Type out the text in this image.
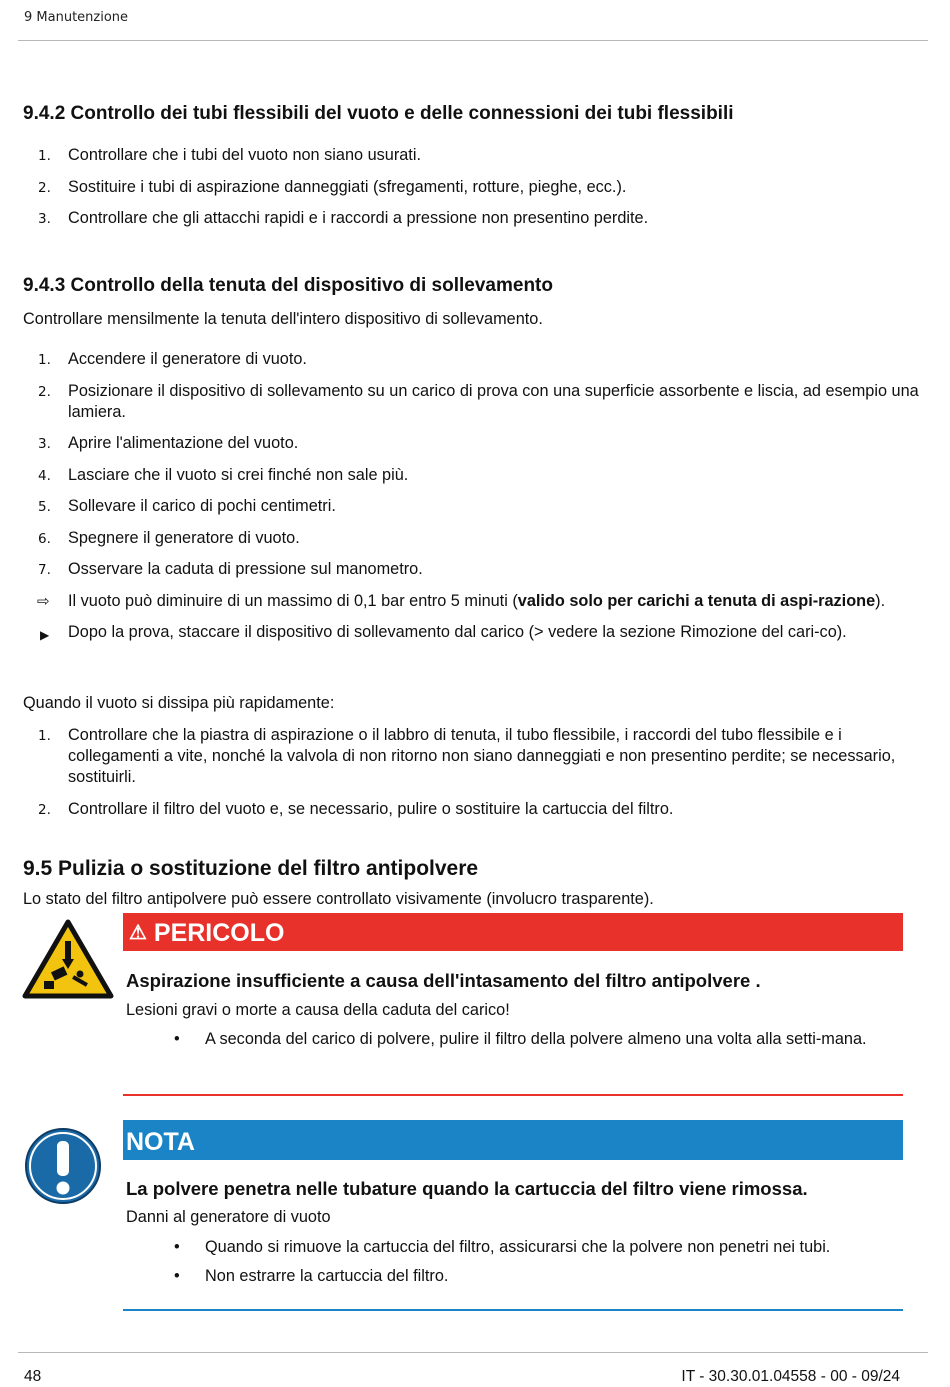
9 Manutenzione
9.4.2 Controllo dei tubi flessibili del vuoto e delle connessioni dei tubi flessibili
1. Controllare che i tubi del vuoto non siano usurati.
2. Sostituire i tubi di aspirazione danneggiati (sfregamenti, rotture, pieghe, ecc.).
3. Controllare che gli attacchi rapidi e i raccordi a pressione non presentino perdite.
9.4.3 Controllo della tenuta del dispositivo di sollevamento

Controllare mensilmente la tenuta dell'intero dispositivo di sollevamento.

1. Accendere il generatore di vuoto.
2. Posizionare il dispositivo di sollevamento su un carico di prova con una superficie assorbente e liscia, ad esempio una lamiera.
3. Aprire l'alimentazione del vuoto.
4. Lasciare che il vuoto si crei finché non sale più.
5. Sollevare il carico di pochi centimetri.
6. Spegnere il generatore di vuoto.
7. Osservare la caduta di pressione sul manometro.
⇨ Il vuoto può diminuire di un massimo di 0,1 bar entro 5 minuti (valido solo per carichi a tenuta di aspi-razione).
▶ Dopo la prova, staccare il dispositivo di sollevamento dal carico (> vedere la sezione Rimozione del cari-co).

Quando il vuoto si dissipa più rapidamente:

1. Controllare che la piastra di aspirazione o il labbro di tenuta, il tubo flessibile, i raccordi del tubo flessibile e i collegamenti a vite, nonché la valvola di non ritorno non siano danneggiati e non presentino perdite; se necessario, sostituirli.
2. Controllare il filtro del vuoto e, se necessario, pulire o sostituire la cartuccia del filtro.
9.5 Pulizia o sostituzione del filtro antipolvere

Lo stato del filtro antipolvere può essere controllato visivamente (involucro trasparente).

⚠ PERICOLO

Aspirazione insufficiente a causa dell'intasamento del filtro antipolvere .

Lesioni gravi o morte a causa della caduta del carico!

• A seconda del carico di polvere, pulire il filtro della polvere almeno una volta alla setti-mana.
NOTA

La polvere penetra nelle tubature quando la cartuccia del filtro viene rimossa.

Danni al generatore di vuoto

• Quando si rimuove la cartuccia del filtro, assicurarsi che la polvere non penetri nei tubi.
• Non estrarre la cartuccia del filtro.
48	IT - 30.30.01.04558 - 00 - 09/24
